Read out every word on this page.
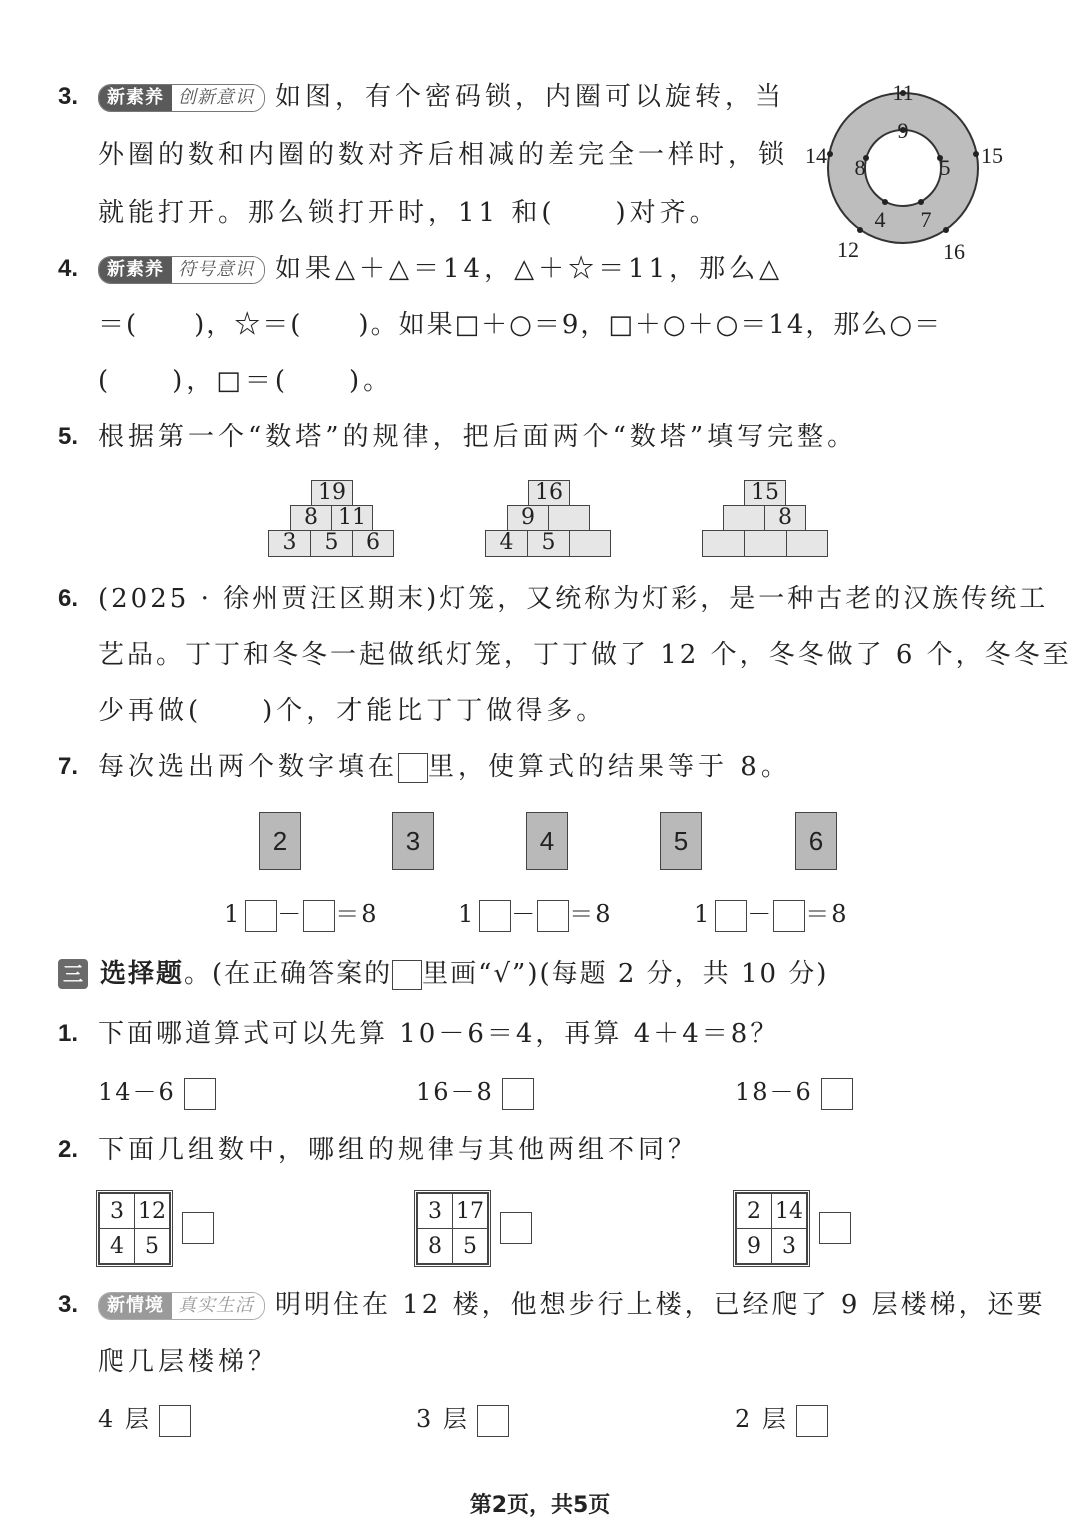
3.	新素养 创新意识 如图，有个密码锁，内圈可以旋转，当
外圈的数和内圈的数对齐后相减的差完全一样时，锁
就能打开。那么锁打开时，11 和(　　)对齐。
11
15
16
12
14
9
5
7
4
8
4.	新素养 符号意识 如果△＋△＝14，△＋☆＝11，那么△
＝(　　)，☆＝(　　)。如果□＋○＝9，□＋○＋○＝14，那么○＝
(　　)，□＝(　　)。
5. 根据第一个“数塔”的规律，把后面两个“数塔”填写完整。
19
8 11
3	5	6
16
9
4	5
15
8
6. (2025 · 徐州贾汪区期末)灯笼，又统称为灯彩，是一种古老的汉族传统工
艺品。丁丁和冬冬一起做纸灯笼，丁丁做了 12 个，冬冬做了 6 个，冬冬至
少再做(　　)个，才能比丁丁做得多。
7. 每次选出两个数字填在 里，使算式的结果等于 8。
2	3	4	5	6
1 － ＝8	1 － ＝8	1 － ＝8
三 选择题。(在正确答案的 里画“√”)(每题 2 分，共 10 分)
1. 下面哪道算式可以先算 10－6＝4，再算 4＋4＝8？
14－6	16－8	18－6
2. 下面几组数中，哪组的规律与其他两组不同？
3	12
4	5
3	17
8	5
2	14
9	3
3.	新情境 真实生活 明明住在 12 楼，他想步行上楼，已经爬了 9 层楼梯，还要
爬几层楼梯？
4 层	3 层	2 层
第2页，共5页
